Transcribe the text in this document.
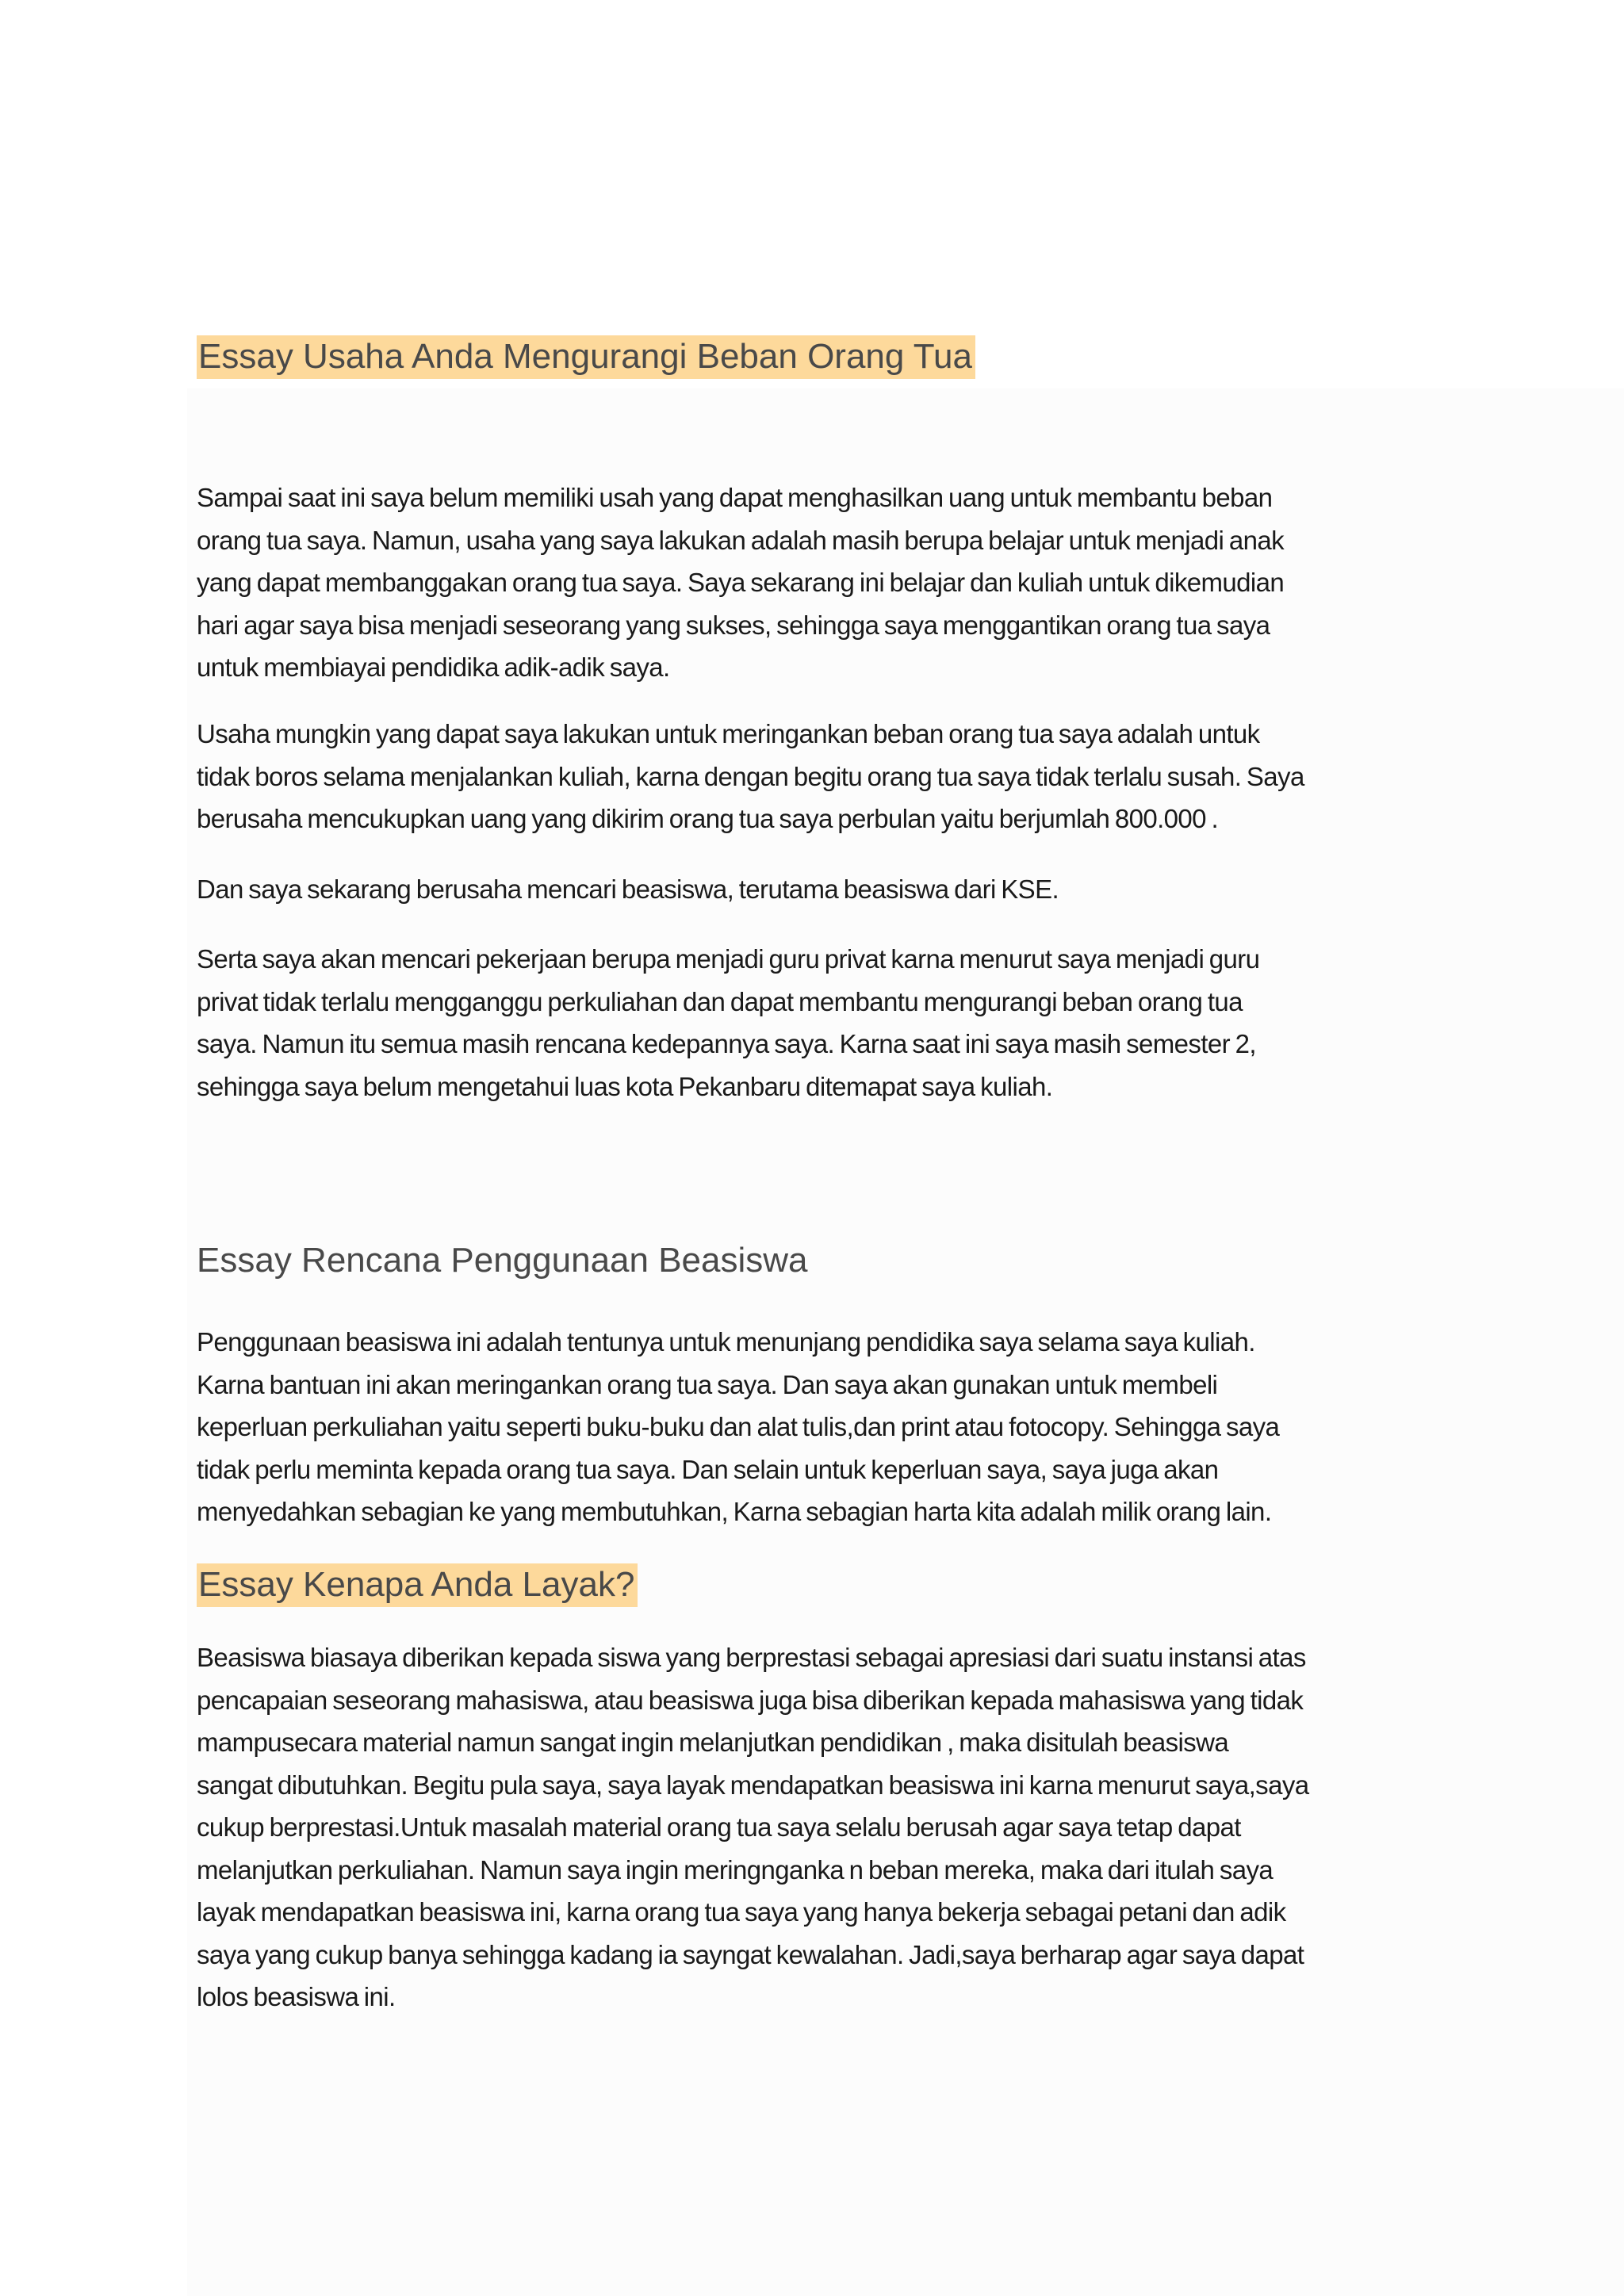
Essay Usaha Anda Mengurangi Beban Orang Tua

Sampai saat ini saya belum memiliki usah yang dapat menghasilkan uang untuk membantu beban
orang tua saya. Namun, usaha yang saya lakukan adalah masih berupa belajar untuk menjadi anak
yang dapat membanggakan orang tua saya. Saya sekarang ini belajar dan kuliah untuk dikemudian
hari agar saya bisa menjadi seseorang yang sukses, sehingga saya menggantikan orang tua saya
untuk membiayai pendidika adik-adik saya.

Usaha mungkin yang dapat saya lakukan untuk meringankan beban orang tua saya adalah untuk
tidak boros selama menjalankan kuliah, karna dengan begitu orang tua saya tidak terlalu susah. Saya
berusaha mencukupkan uang yang dikirim orang tua saya perbulan yaitu berjumlah 800.000 .

Dan saya sekarang berusaha mencari beasiswa, terutama beasiswa dari KSE.

Serta saya akan mencari pekerjaan berupa menjadi guru privat karna menurut saya menjadi guru
privat tidak terlalu mengganggu perkuliahan dan dapat membantu mengurangi beban orang tua
saya. Namun itu semua masih rencana kedepannya saya. Karna saat ini saya masih semester 2,
sehingga saya belum mengetahui luas kota Pekanbaru ditemapat saya kuliah.

Essay Rencana Penggunaan Beasiswa

Penggunaan beasiswa ini adalah tentunya untuk menunjang pendidika saya selama saya kuliah.
Karna bantuan ini akan meringankan orang tua saya. Dan saya akan gunakan untuk membeli
keperluan perkuliahan yaitu seperti buku-buku dan alat tulis,dan print atau fotocopy. Sehingga saya
tidak perlu meminta kepada orang tua saya. Dan selain untuk keperluan saya, saya juga akan
menyedahkan sebagian ke yang membutuhkan, Karna sebagian harta kita adalah milik orang lain.

Essay Kenapa Anda Layak?

Beasiswa biasaya diberikan kepada siswa yang berprestasi sebagai apresiasi dari suatu instansi atas
pencapaian seseorang mahasiswa, atau beasiswa juga bisa diberikan kepada mahasiswa yang tidak
mampusecara material namun sangat ingin melanjutkan pendidikan , maka disitulah beasiswa
sangat dibutuhkan. Begitu pula saya, saya layak mendapatkan beasiswa ini karna menurut saya,saya
cukup berprestasi.Untuk masalah material orang tua saya selalu berusah agar saya tetap dapat
melanjutkan perkuliahan. Namun saya ingin meringnganka n beban mereka, maka dari itulah saya
layak mendapatkan beasiswa ini, karna orang tua saya yang hanya bekerja sebagai petani dan adik
saya yang cukup banya sehingga kadang ia sayngat kewalahan. Jadi,saya berharap agar saya dapat
lolos beasiswa ini.
